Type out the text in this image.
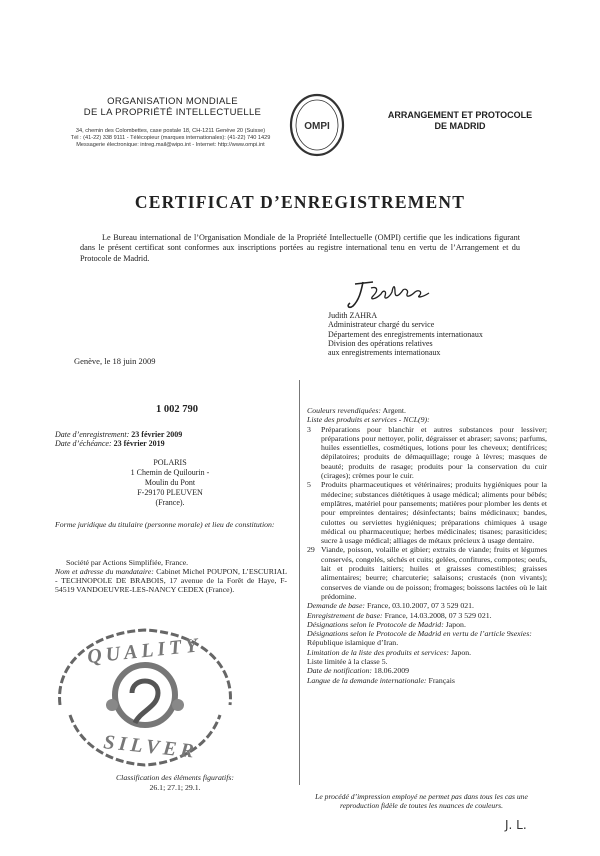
ORGANISATION MONDIALE
DE LA PROPRIÉTÉ INTELLECTUELLE
34, chemin des Colombettes, case postale 18, CH-1211 Genève 20 (Suisse)
Tél : (41-22) 338 9111 - Télécopieur (marques internationales): (41-22) 740 1429
Messagerie électronique: intreg.mail@wipo.int - Internet: http://www.ompi.int
OMPI
ARRANGEMENT ET PROTOCOLE
DE MADRID
CERTIFICAT D’ENREGISTREMENT
Le Bureau international de l’Organisation Mondiale de la Propriété Intellectuelle (OMPI) certifie que les indications figurant dans le présent certificat sont conformes aux inscriptions portées au registre international tenu en vertu de l’Arrangement et du Protocole de Madrid.
Judith ZAHRA
Administrateur chargé du service
Département des enregistrements internationaux
Division des opérations relatives
aux enregistrements internationaux
Genève, le 18 juin 2009
1 002 790
Date d’enregistrement: 23 février 2009
Date d’échéance: 23 février 2019
POLARIS
1 Chemin de Quilourin -
Moulin du Pont
F-29170 PLEUVEN
(France).
Forme juridique du titulaire (personne morale) et lieu de constitution:
Société par Actions Simplifiée, France.
Nom et adresse du mandataire: Cabinet Michel POUPON, L’ESCURIAL - TECHNOPOLE DE BRABOIS, 17 avenue de la Forêt de Haye, F-54519 VANDOEUVRE-LES-NANCY CEDEX (France).
QUALITY
SILVER
Classification des éléments figuratifs:
26.1; 27.1; 29.1.

Couleurs revendiquées: Argent.

Liste des produits et services - NCL(9):

3	Préparations pour blanchir et autres substances pour lessiver; préparations pour nettoyer, polir, dégraisser et abraser; savons; parfums, huiles essentielles, cosmétiques, lotions pour les cheveux; dentifrices; dépilatoires; produits de démaquillage; rouge à lèvres; masques de beauté; produits de rasage; produits pour la conservation du cuir (cirages); crèmes pour le cuir.
5	Produits pharmaceutiques et vétérinaires; produits hygiéniques pour la médecine; substances diététiques à usage médical; aliments pour bébés; emplâtres, matériel pour pansements; matières pour plomber les dents et pour empreintes dentaires; désinfectants; bains médicinaux; bandes, culottes ou serviettes hygiéniques; préparations chimiques à usage médical ou pharmaceutique; herbes médicinales; tisanes; parasiticides; sucre à usage médical; alliages de métaux précieux à usage dentaire.
29 Viande, poisson, volaille et gibier; extraits de viande; fruits et légumes conservés, congelés, séchés et cuits; gelées, confitures, compotes; oeufs, lait et produits laitiers; huiles et graisses comestibles; graisses alimentaires; beurre; charcuterie; salaisons; crustacés (non vivants); conserves de viande ou de poisson; fromages; boissons lactées où le lait prédomine.

Demande de base: France, 03.10.2007, 07 3 529 021.

Enregistrement de base: France, 14.03.2008, 07 3 529 021.

Désignations selon le Protocole de Madrid: Japon.

Désignations selon le Protocole de Madrid en vertu de l’article 9sexies: République islamique d’Iran.

Limitation de la liste des produits et services: Japon.

Liste limitée à la classe 5.

Date de notification: 18.06.2009

Langue de la demande internationale: Français

Le procédé d’impression employé ne permet pas dans tous les cas une reproduction fidèle de toutes les nuances de couleurs.
J. L.
